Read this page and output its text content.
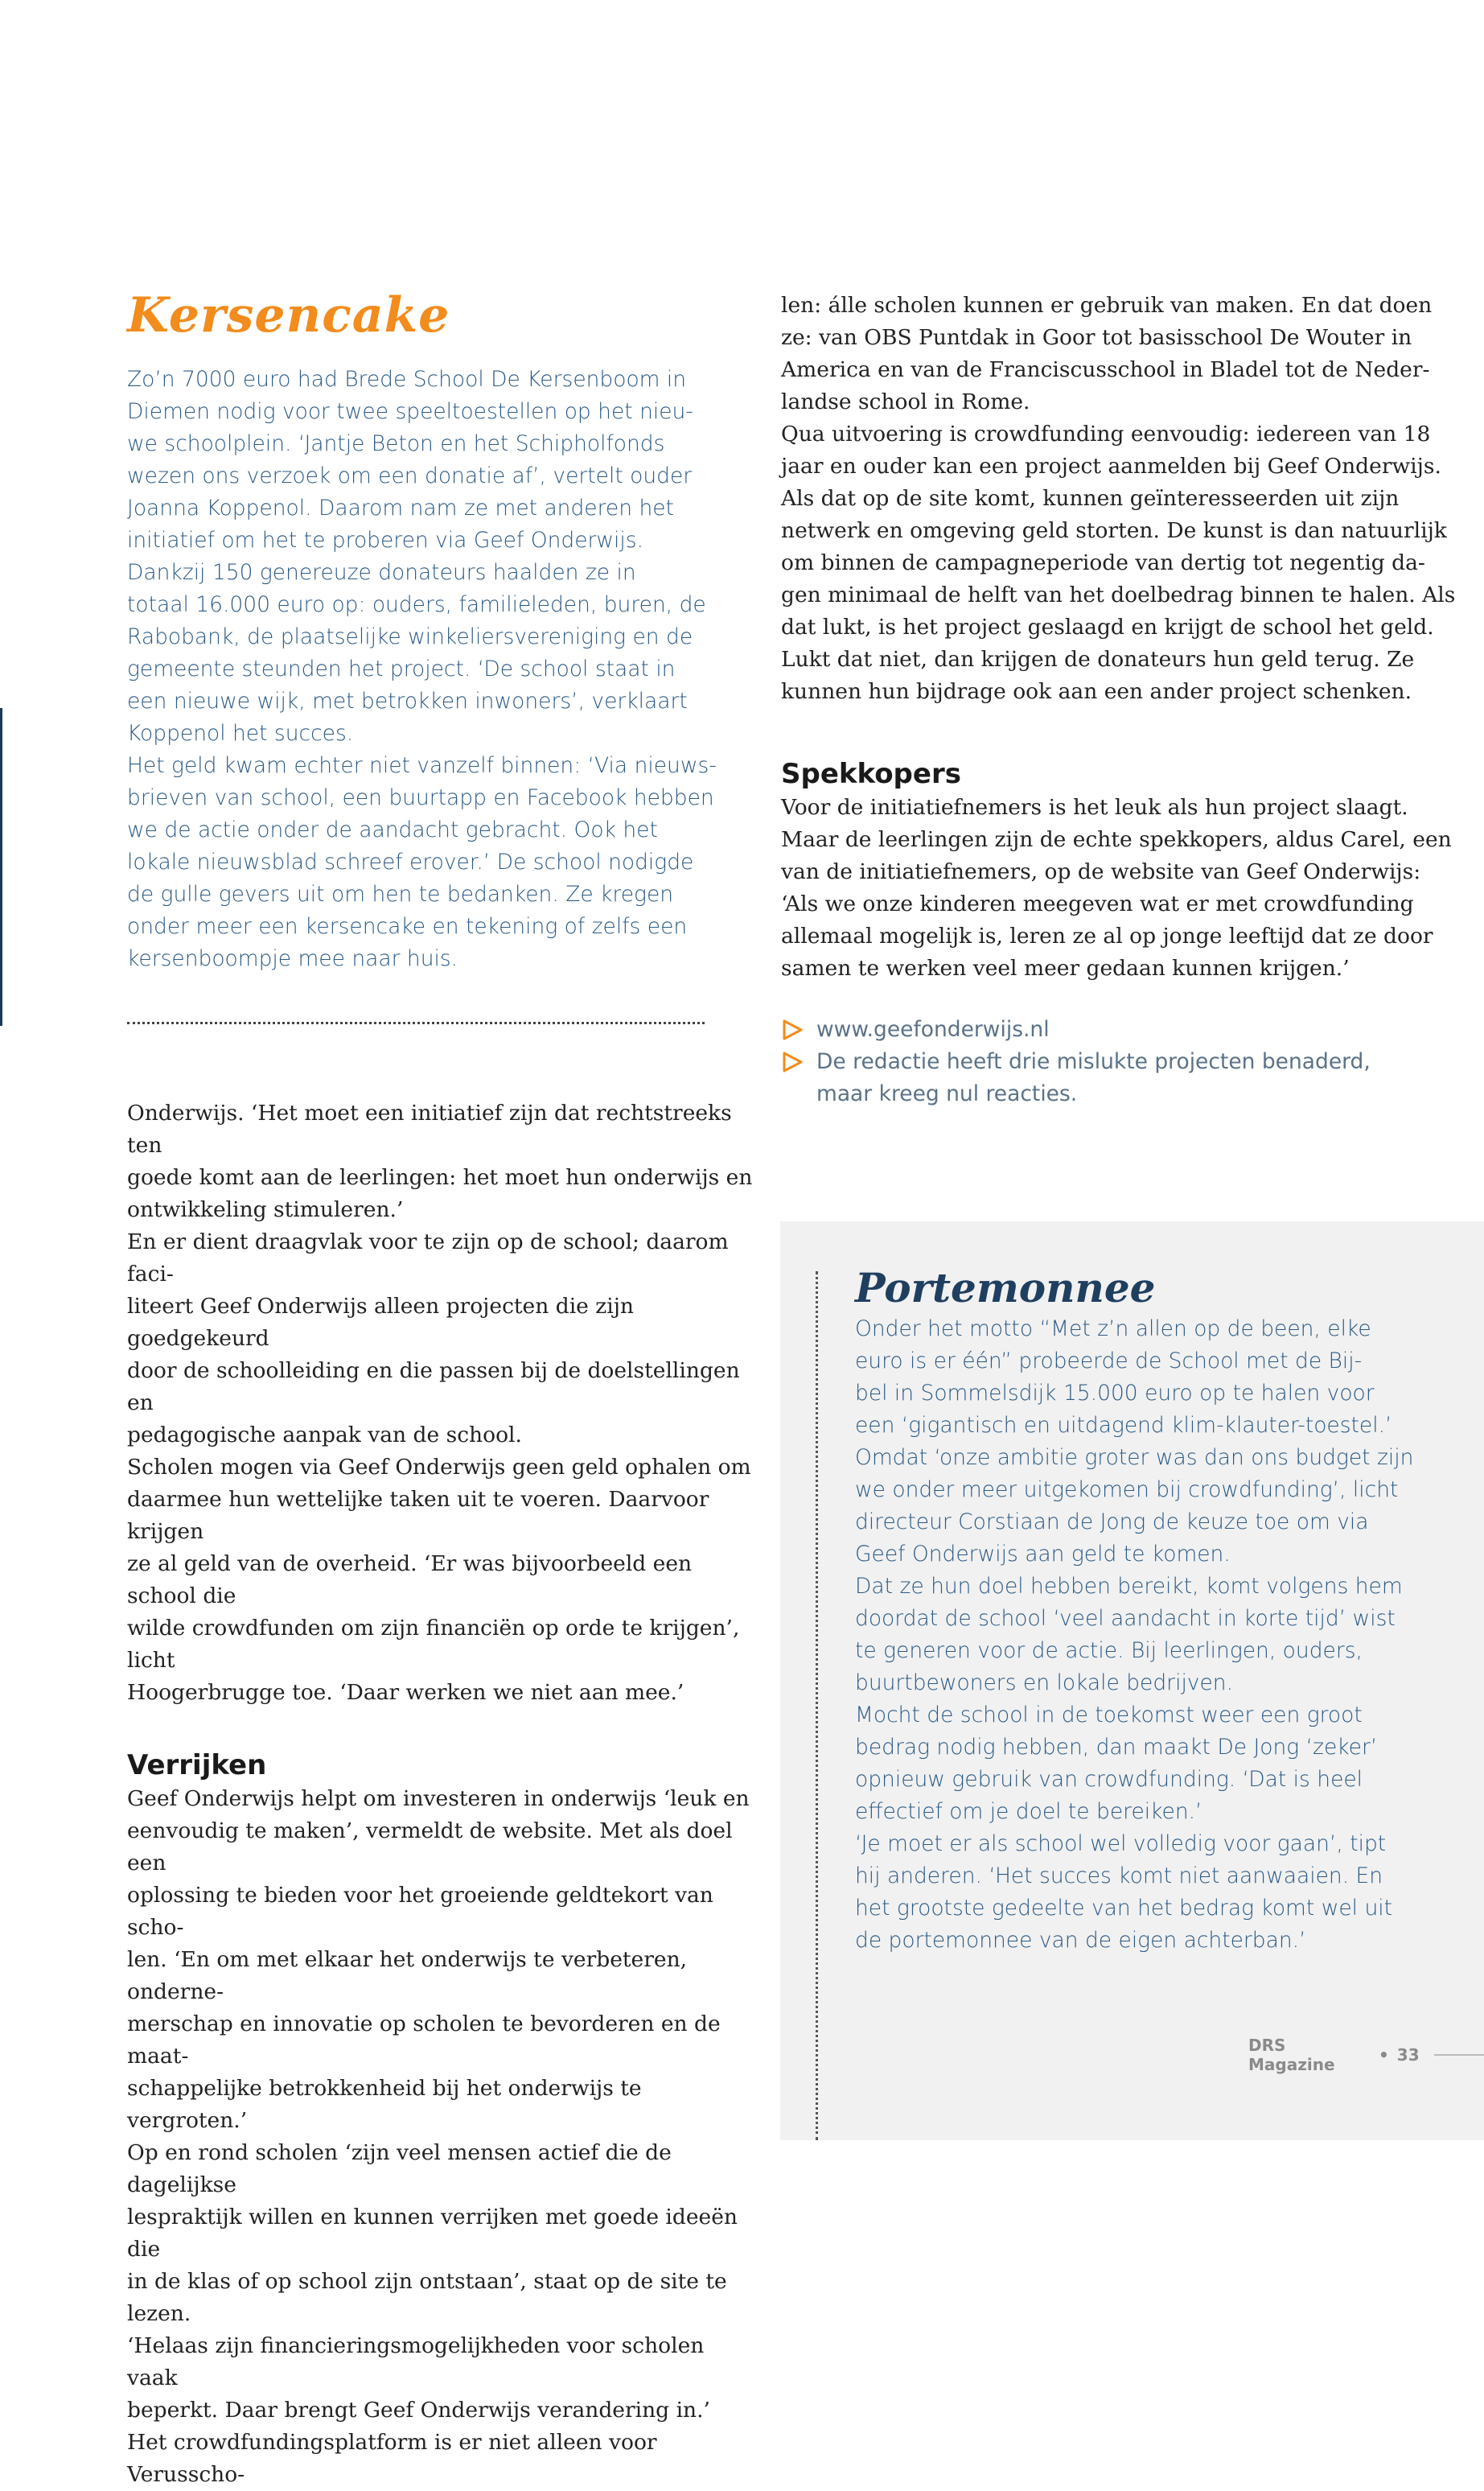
Kersencake

Zo’n 7000 euro had Brede School De Kersenboom in

Diemen nodig voor twee speeltoestellen op het nieu-

we schoolplein. ‘Jantje Beton en het Schipholfonds

wezen ons verzoek om een donatie af’, vertelt ouder

Joanna Koppenol. Daarom nam ze met anderen het

initiatief om het te proberen via Geef Onderwijs.

Dankzij 150 genereuze donateurs haalden ze in

totaal 16.000 euro op: ouders, familieleden, buren, de

Rabobank, de plaatselijke winkeliersvereniging en de

gemeente steunden het project. ‘De school staat in

een nieuwe wijk, met betrokken inwoners’, verklaart

Koppenol het succes.

Het geld kwam echter niet vanzelf binnen: ‘Via nieuws-

brieven van school, een buurtapp en Facebook hebben

we de actie onder de aandacht gebracht. Ook het

lokale nieuwsblad schreef erover.’ De school nodigde

de gulle gevers uit om hen te bedanken. Ze kregen

onder meer een kersencake en tekening of zelfs een

kersenboompje mee naar huis.

Onderwijs. ‘Het moet een initiatief zijn dat rechtstreeks ten

goede komt aan de leerlingen: het moet hun onderwijs en

ontwikkeling stimuleren.’

En er dient draagvlak voor te zijn op de school; daarom faci-

liteert Geef Onderwijs alleen projecten die zijn goedgekeurd

door de schoolleiding en die passen bij de doelstellingen en

pedagogische aanpak van de school.

Scholen mogen via Geef Onderwijs geen geld ophalen om

daarmee hun wettelijke taken uit te voeren. Daarvoor krijgen

ze al geld van de overheid. ‘Er was bijvoorbeeld een school die

wilde crowdfunden om zijn financiën op orde te krijgen’, licht

Hoogerbrugge toe. ‘Daar werken we niet aan mee.’

Verrijken

Geef Onderwijs helpt om investeren in onderwijs ‘leuk en

eenvoudig te maken’, vermeldt de website. Met als doel een

oplossing te bieden voor het groeiende geldtekort van scho-

len. ‘En om met elkaar het onderwijs te verbeteren, onderne-

merschap en innovatie op scholen te bevorderen en de maat-

schappelijke betrokkenheid bij het onderwijs te vergroten.’

Op en rond scholen ‘zijn veel mensen actief die de dagelijkse

lespraktijk willen en kunnen verrijken met goede ideeën die

in de klas of op school zijn ontstaan’, staat op de site te lezen.

‘Helaas zijn financieringsmogelijkheden voor scholen vaak

beperkt. Daar brengt Geef Onderwijs verandering in.’

Het crowdfundingsplatform is er niet alleen voor Verusscho-

len: álle scholen kunnen er gebruik van maken. En dat doen

ze: van OBS Puntdak in Goor tot basisschool De Wouter in

America en van de Franciscusschool in Bladel tot de Neder-

landse school in Rome.

Qua uitvoering is crowdfunding eenvoudig: iedereen van 18

jaar en ouder kan een project aanmelden bij Geef Onderwijs.

Als dat op de site komt, kunnen geïnteresseerden uit zijn

netwerk en omgeving geld storten. De kunst is dan natuurlijk

om binnen de campagneperiode van dertig tot negentig da-

gen minimaal de helft van het doelbedrag binnen te halen. Als

dat lukt, is het project geslaagd en krijgt de school het geld.

Lukt dat niet, dan krijgen de donateurs hun geld terug. Ze

kunnen hun bijdrage ook aan een ander project schenken.

Spekkopers

Voor de initiatiefnemers is het leuk als hun project slaagt.

Maar de leerlingen zijn de echte spekkopers, aldus Carel, een

van de initiatiefnemers, op de website van Geef Onderwijs:

‘Als we onze kinderen meegeven wat er met crowdfunding

allemaal mogelijk is, leren ze al op jonge leeftijd dat ze door

samen te werken veel meer gedaan kunnen krijgen.’

www.geefonderwijs.nl

De redactie heeft drie mislukte projecten benaderd,

maar kreeg nul reacties.

Portemonnee

Onder het motto “Met z’n allen op de been, elke

euro is er één” probeerde de School met de Bij-

bel in Sommelsdijk 15.000 euro op te halen voor

een ‘gigantisch en uitdagend klim-klauter-toestel.’

Omdat ‘onze ambitie groter was dan ons budget zijn

we onder meer uitgekomen bij crowdfunding’, licht

directeur Corstiaan de Jong de keuze toe om via

Geef Onderwijs aan geld te komen.

Dat ze hun doel hebben bereikt, komt volgens hem

doordat de school ‘veel aandacht in korte tijd’ wist

te generen voor de actie. Bij leerlingen, ouders,

buurtbewoners en lokale bedrijven.

Mocht de school in de toekomst weer een groot

bedrag nodig hebben, dan maakt De Jong ‘zeker’

opnieuw gebruik van crowdfunding. ‘Dat is heel

effectief om je doel te bereiken.’

‘Je moet er als school wel volledig voor gaan’, tipt

hij anderen. ‘Het succes komt niet aanwaaien. En

het grootste gedeelte van het bedrag komt wel uit

de portemonnee van de eigen achterban.’

DRS Magazine	• 33
